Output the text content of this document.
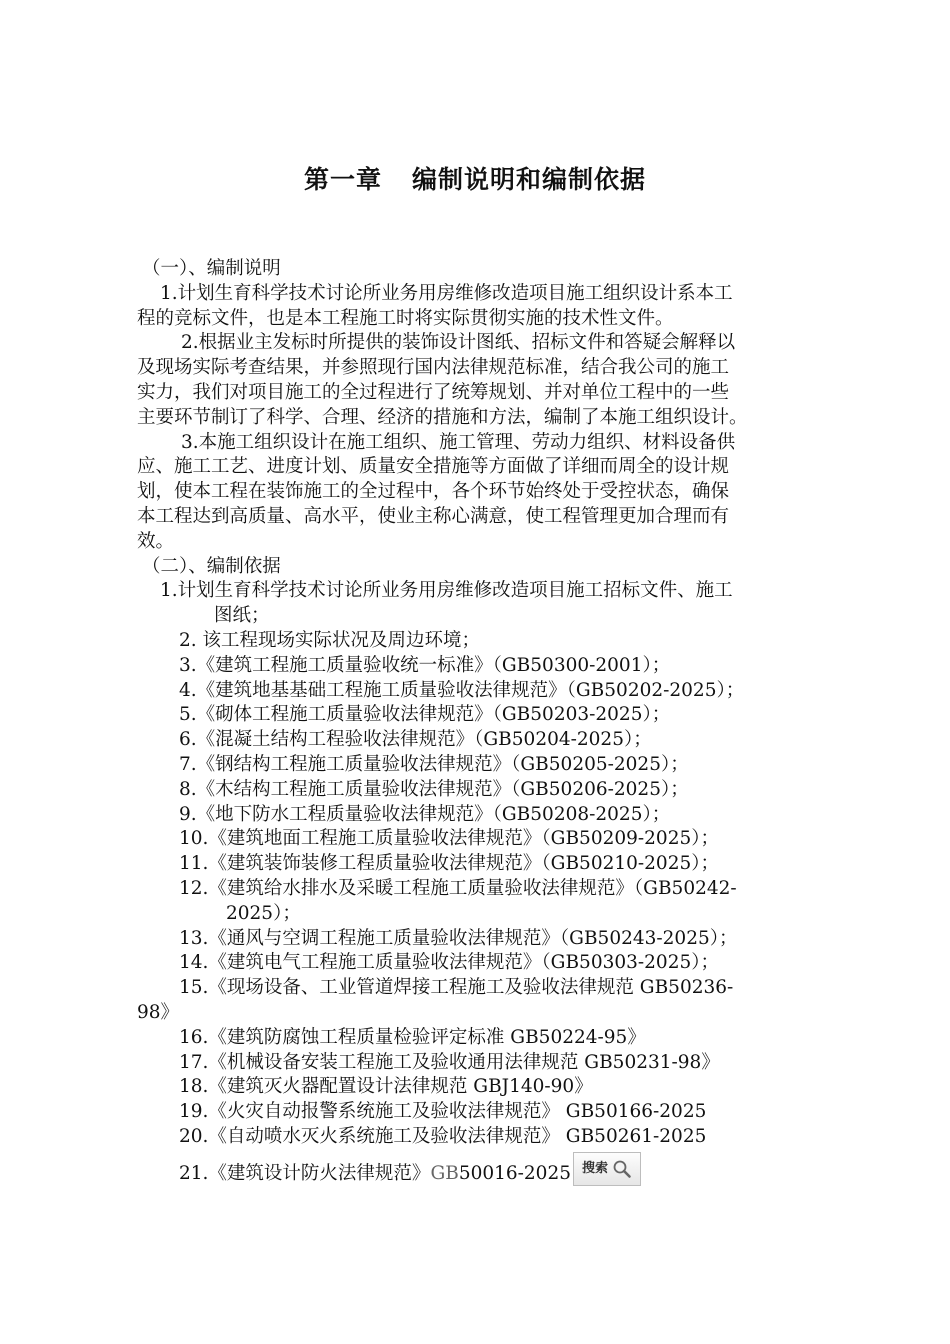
第一章 编制说明和编制依据
（一）、编制说明
1.计划生育科学技术讨论所业务用房维修改造项目施工组织设计系本工
程的竞标文件，也是本工程施工时将实际贯彻实施的技术性文件。
2.根据业主发标时所提供的装饰设计图纸、招标文件和答疑会解释以
及现场实际考查结果，并参照现行国内法律规范标准，结合我公司的施工
实力，我们对项目施工的全过程进行了统筹规划、并对单位工程中的一些
主要环节制订了科学、合理、经济的措施和方法，编制了本施工组织设计。
3.本施工组织设计在施工组织、施工管理、劳动力组织、材料设备供
应、施工工艺、进度计划、质量安全措施等方面做了详细而周全的设计规
划，使本工程在装饰施工的全过程中，各个环节始终处于受控状态，确保
本工程达到高质量、高水平，使业主称心满意，使工程管理更加合理而有
效。
（二）、编制依据
1.计划生育科学技术讨论所业务用房维修改造项目施工招标文件、施工
图纸；
2. 该工程现场实际状况及周边环境；
3.《建筑工程施工质量验收统一标准》（GB50300-2001）；
4.《建筑地基基础工程施工质量验收法律规范》（GB50202-2025）；
5.《砌体工程施工质量验收法律规范》（GB50203-2025）；
6.《混凝土结构工程验收法律规范》（GB50204-2025）；
7.《钢结构工程施工质量验收法律规范》（GB50205-2025）；
8.《木结构工程施工质量验收法律规范》（GB50206-2025）；
9.《地下防水工程质量验收法律规范》（GB50208-2025）；
10.《建筑地面工程施工质量验收法律规范》（GB50209-2025）；
11.《建筑装饰装修工程质量验收法律规范》（GB50210-2025）；
12.《建筑给水排水及采暖工程施工质量验收法律规范》（GB50242-
2025）；
13.《通风与空调工程施工质量验收法律规范》（GB50243-2025）；
14.《建筑电气工程施工质量验收法律规范》（GB50303-2025）；
15.《现场设备、工业管道焊接工程施工及验收法律规范 GB50236-
98》
16.《建筑防腐蚀工程质量检验评定标准 GB50224-95》
17.《机械设备安装工程施工及验收通用法律规范 GB50231-98》
18.《建筑灭火器配置设计法律规范 GBJ140-90》
19.《火灾自动报警系统施工及验收法律规范》 GB50166-2025
20.《自动喷水灭火系统施工及验收法律规范》 GB50261-2025
21.《建筑设计防火法律规范》 GB 50016-2025 搜索
